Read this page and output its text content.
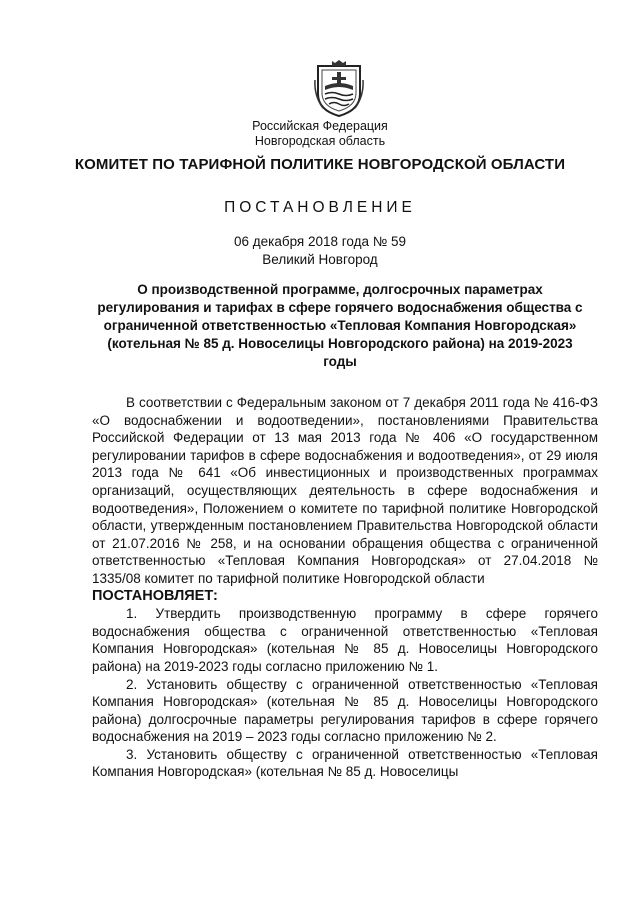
Российская Федерация
Новгородская область
КОМИТЕТ ПО ТАРИФНОЙ ПОЛИТИКЕ НОВГОРОДСКОЙ ОБЛАСТИ
ПОСТАНОВЛЕНИЕ
06 декабря 2018 года № 59
Великий Новгород
О производственной программе, долгосрочных параметрах регулирования и тарифах в сфере горячего водоснабжения общества с ограниченной ответственностью «Тепловая Компания Новгородская» (котельная № 85 д. Новоселицы Новгородского района) на 2019-2023 годы

В соответствии с Федеральным законом от 7 декабря 2011 года № 416-ФЗ «О водоснабжении и водоотведении», постановлениями Правительства Российской Федерации от 13 мая 2013 года № 406 «О государственном регулировании тарифов в сфере водоснабжения и водоотведения», от 29 июля 2013 года № 641 «Об инвестиционных и производственных программах организаций, осуществляющих деятельность в сфере водоснабжения и водоотведения», Положением о комитете по тарифной политике Новгородской области, утвержденным постановлением Правительства Новгородской области от 21.07.2016 № 258, и на основании обращения общества с ограниченной ответственностью «Тепловая Компания Новгородская» от 27.04.2018 № 1335/08 комитет по тарифной политике Новгородской области

ПОСТАНОВЛЯЕТ:

1. Утвердить производственную программу в сфере горячего водоснабжения общества с ограниченной ответственностью «Тепловая Компания Новгородская» (котельная № 85 д. Новоселицы Новгородского района) на 2019-2023 годы согласно приложению № 1.

2. Установить обществу с ограниченной ответственностью «Тепловая Компания Новгородская» (котельная № 85 д. Новоселицы Новгородского района) долгосрочные параметры регулирования тарифов в сфере горячего водоснабжения на 2019 – 2023 годы согласно приложению № 2.

3. Установить обществу с ограниченной ответственностью «Тепловая Компания Новгородская» (котельная № 85 д. Новоселицы
